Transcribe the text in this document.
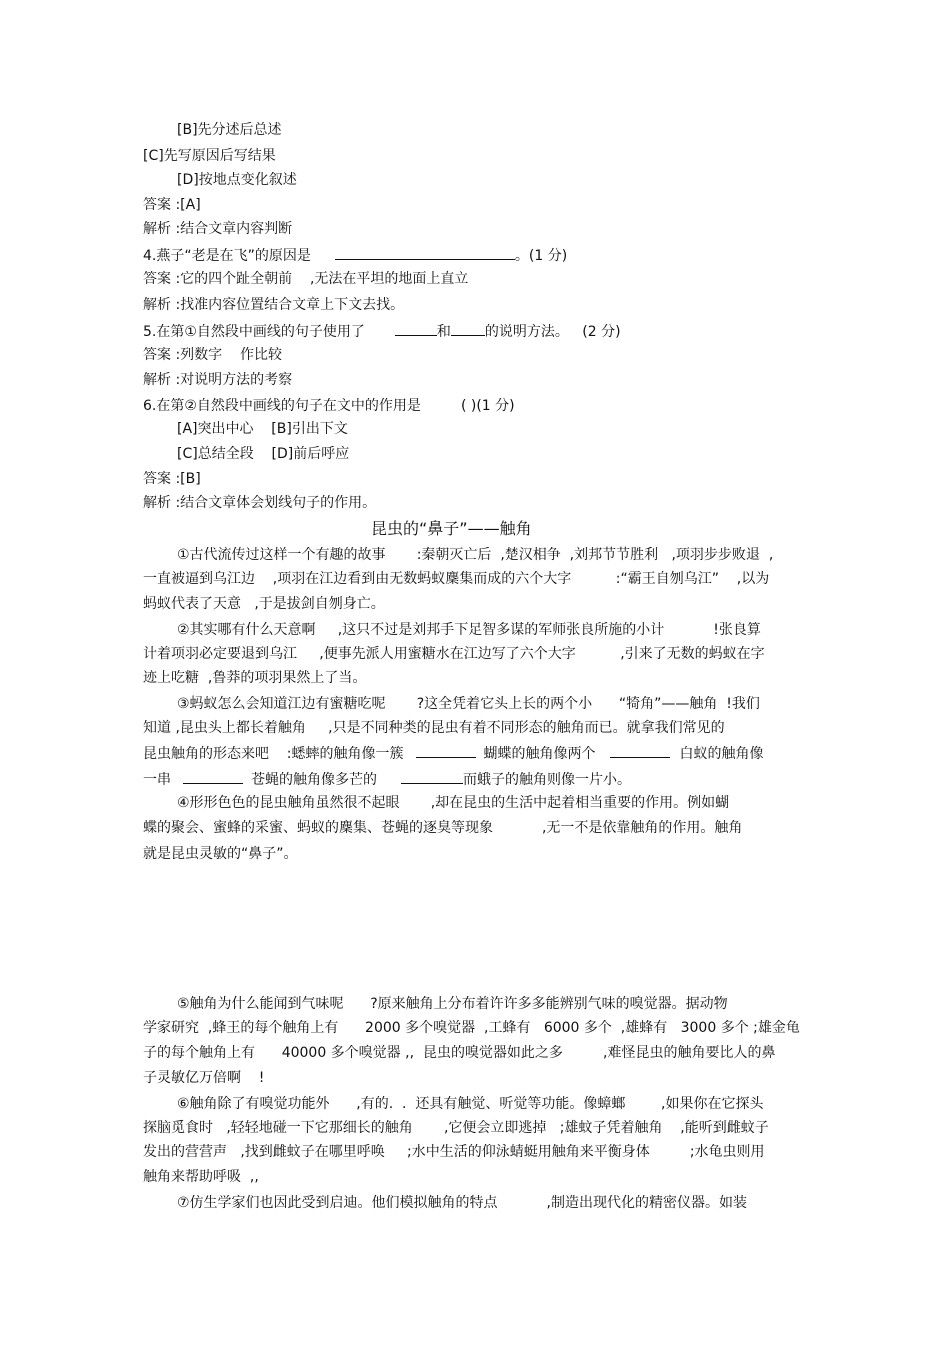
[B]先分述后总述
[C]先写原因后写结果
[D]按地点变化叙述
答案 :[A]
解析 :结合文章内容判断
4.燕子“老是在飞”的原因是	。(1 分)
答案 :它的四个趾全朝前    ,无法在平坦的地面上直立
解析 :找准内容位置结合文章上下文去找。
5.在第①自然段中画线的句子使用了	和 的说明方法。   (2 分)
答案 :列数字    作比较
解析 :对说明方法的考察
6.在第②自然段中画线的句子在文中的作用是         ( )(1 分)
[A]突出中心    [B]引出下文
[C]总结全段    [D]前后呼应
答案 :[B]
解析 :结合文章体会划线句子的作用。
昆虫的“鼻子”——触角
①古代流传过这样一个有趣的故事       :秦朝灭亡后  ,楚汉相争  ,刘邦节节胜利   ,项羽步步败退  ,
一直被逼到乌江边    ,项羽在江边看到由无数蚂蚁麇集而成的六个大字          :“霸王自刎乌江”    ,以为
蚂蚁代表了天意   ,于是拔剑自刎身亡。
②其实哪有什么天意啊     ,这只不过是刘邦手下足智多谋的军师张良所施的小计           !张良算
计着项羽必定要退到乌江     ,便事先派人用蜜糖水在江边写了六个大字          ,引来了无数的蚂蚁在字
迹上吃糖  ,鲁莽的项羽果然上了当。
③蚂蚁怎么会知道江边有蜜糖吃呢       ?这全凭着它头上长的两个小      “犄角”——触角  !我们
知道 ,昆虫头上都长着触角     ,只是不同种类的昆虫有着不同形态的触角而已。就拿我们常见的
昆虫触角的形态来吧    :蟋蟀的触角像一簇	蝴蝶的触角像两个	白蚁的触角像
一串	苍蝇的触角像多芒的	而蛾子的触角则像一片小。
④形形色色的昆虫触角虽然很不起眼       ,却在昆虫的生活中起着相当重要的作用。例如蝴
蝶的聚会、蜜蜂的采蜜、蚂蚁的麇集、苍蝇的逐臭等现象           ,无一不是依靠触角的作用。触角
就是昆虫灵敏的“鼻子”。
⑤触角为什么能闻到气味呢      ?原来触角上分布着许许多多能辨别气味的嗅觉器。据动物
学家研究  ,蜂王的每个触角上有      2000 多个嗅觉器  ,工蜂有   6000 多个  ,雄蜂有   3000 多个 ;雄金龟
子的每个触角上有      40000 多个嗅觉器 ,,  昆虫的嗅觉器如此之多         ,难怪昆虫的触角要比人的鼻
子灵敏亿万倍啊    !
⑥触角除了有嗅觉功能外      ,有的.  .  还具有触觉、听觉等功能。像蟑螂        ,如果你在它探头
探脑觅食时   ,轻轻地碰一下它那细长的触角       ,它便会立即逃掉   ;雄蚊子凭着触角    ,能听到雌蚊子
发出的营营声   ,找到雌蚊子在哪里呼唤     ;水中生活的仰泳蜻蜓用触角来平衡身体         ;水龟虫则用
触角来帮助呼吸  ,,
⑦仿生学家们也因此受到启迪。他们模拟触角的特点           ,制造出现代化的精密仪器。如装
